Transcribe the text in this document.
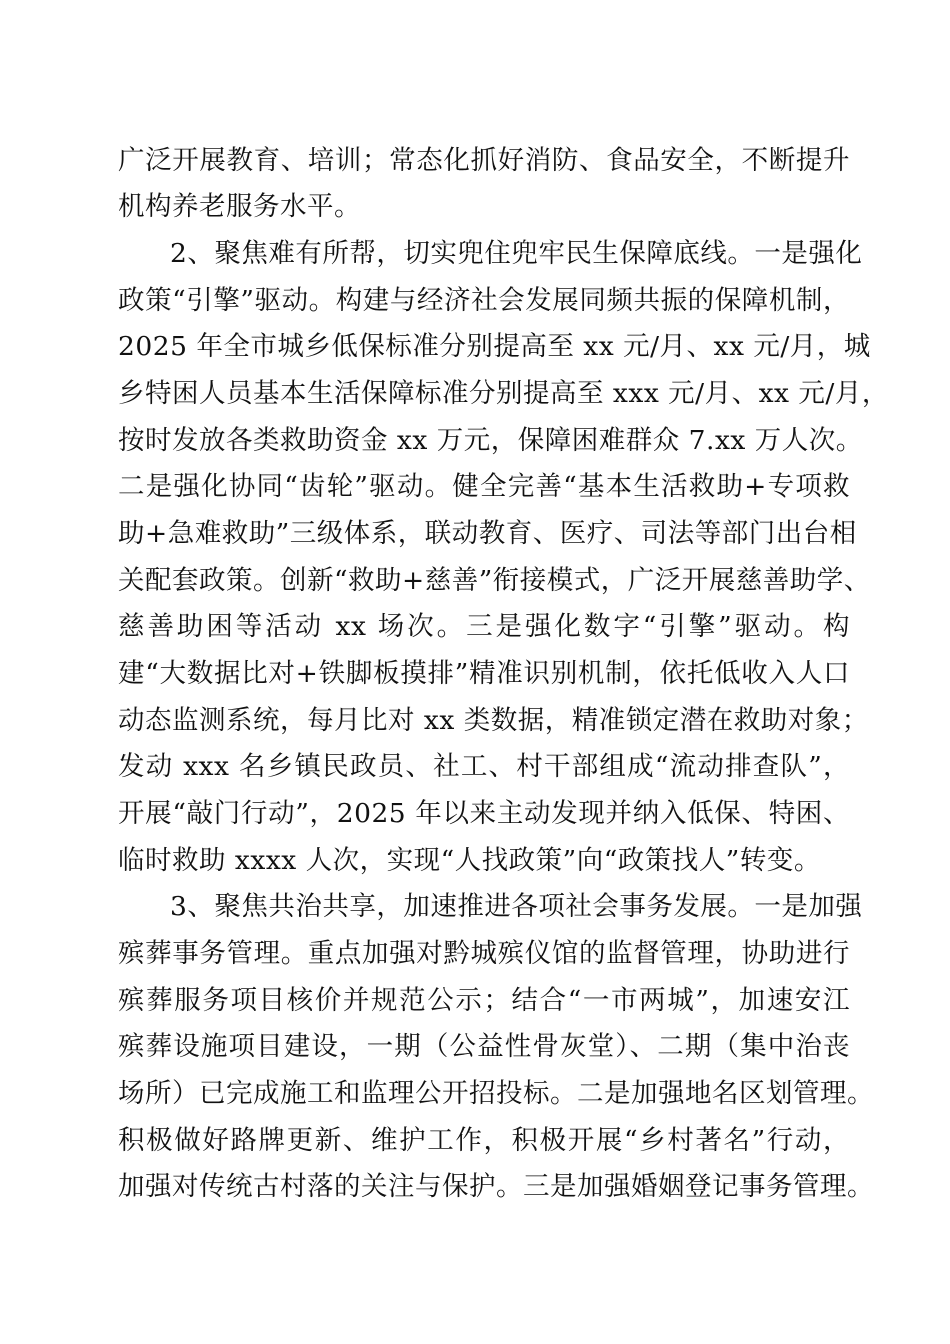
广泛开展教育、培训；常态化抓好消防、食品安全，不断提升
机构养老服务水平。
2、聚焦难有所帮，切实兜住兜牢民生保障底线。一是强化
政策“引擎”驱动。构建与经济社会发展同频共振的保障机制，
2025 年全市城乡低保标准分别提高至 xx 元/月、xx 元/月，城
乡特困人员基本生活保障标准分别提高至 xxx 元/月、xx 元/月，
按时发放各类救助资金 xx 万元，保障困难群众 7.xx 万人次。
二是强化协同“齿轮”驱动。健全完善“基本生活救助+专项救
助+急难救助”三级体系，联动教育、医疗、司法等部门出台相
关配套政策。创新“救助+慈善”衔接模式，广泛开展慈善助学、
慈善助困等活动 xx 场次。三是强化数字“引擎”驱动。构
建“大数据比对+铁脚板摸排”精准识别机制，依托低收入人口
动态监测系统，每月比对 xx 类数据，精准锁定潜在救助对象；
发动 xxx 名乡镇民政员、社工、村干部组成“流动排查队”，
开展“敲门行动”，2025 年以来主动发现并纳入低保、特困、
临时救助 xxxx 人次，实现“人找政策”向“政策找人”转变。
3、聚焦共治共享，加速推进各项社会事务发展。一是加强
殡葬事务管理。重点加强对黔城殡仪馆的监督管理，协助进行
殡葬服务项目核价并规范公示；结合“一市两城”，加速安江
殡葬设施项目建设，一期（公益性骨灰堂）、二期（集中治丧
场所）已完成施工和监理公开招投标。二是加强地名区划管理。
积极做好路牌更新、维护工作，积极开展“乡村著名”行动，
加强对传统古村落的关注与保护。三是加强婚姻登记事务管理。
